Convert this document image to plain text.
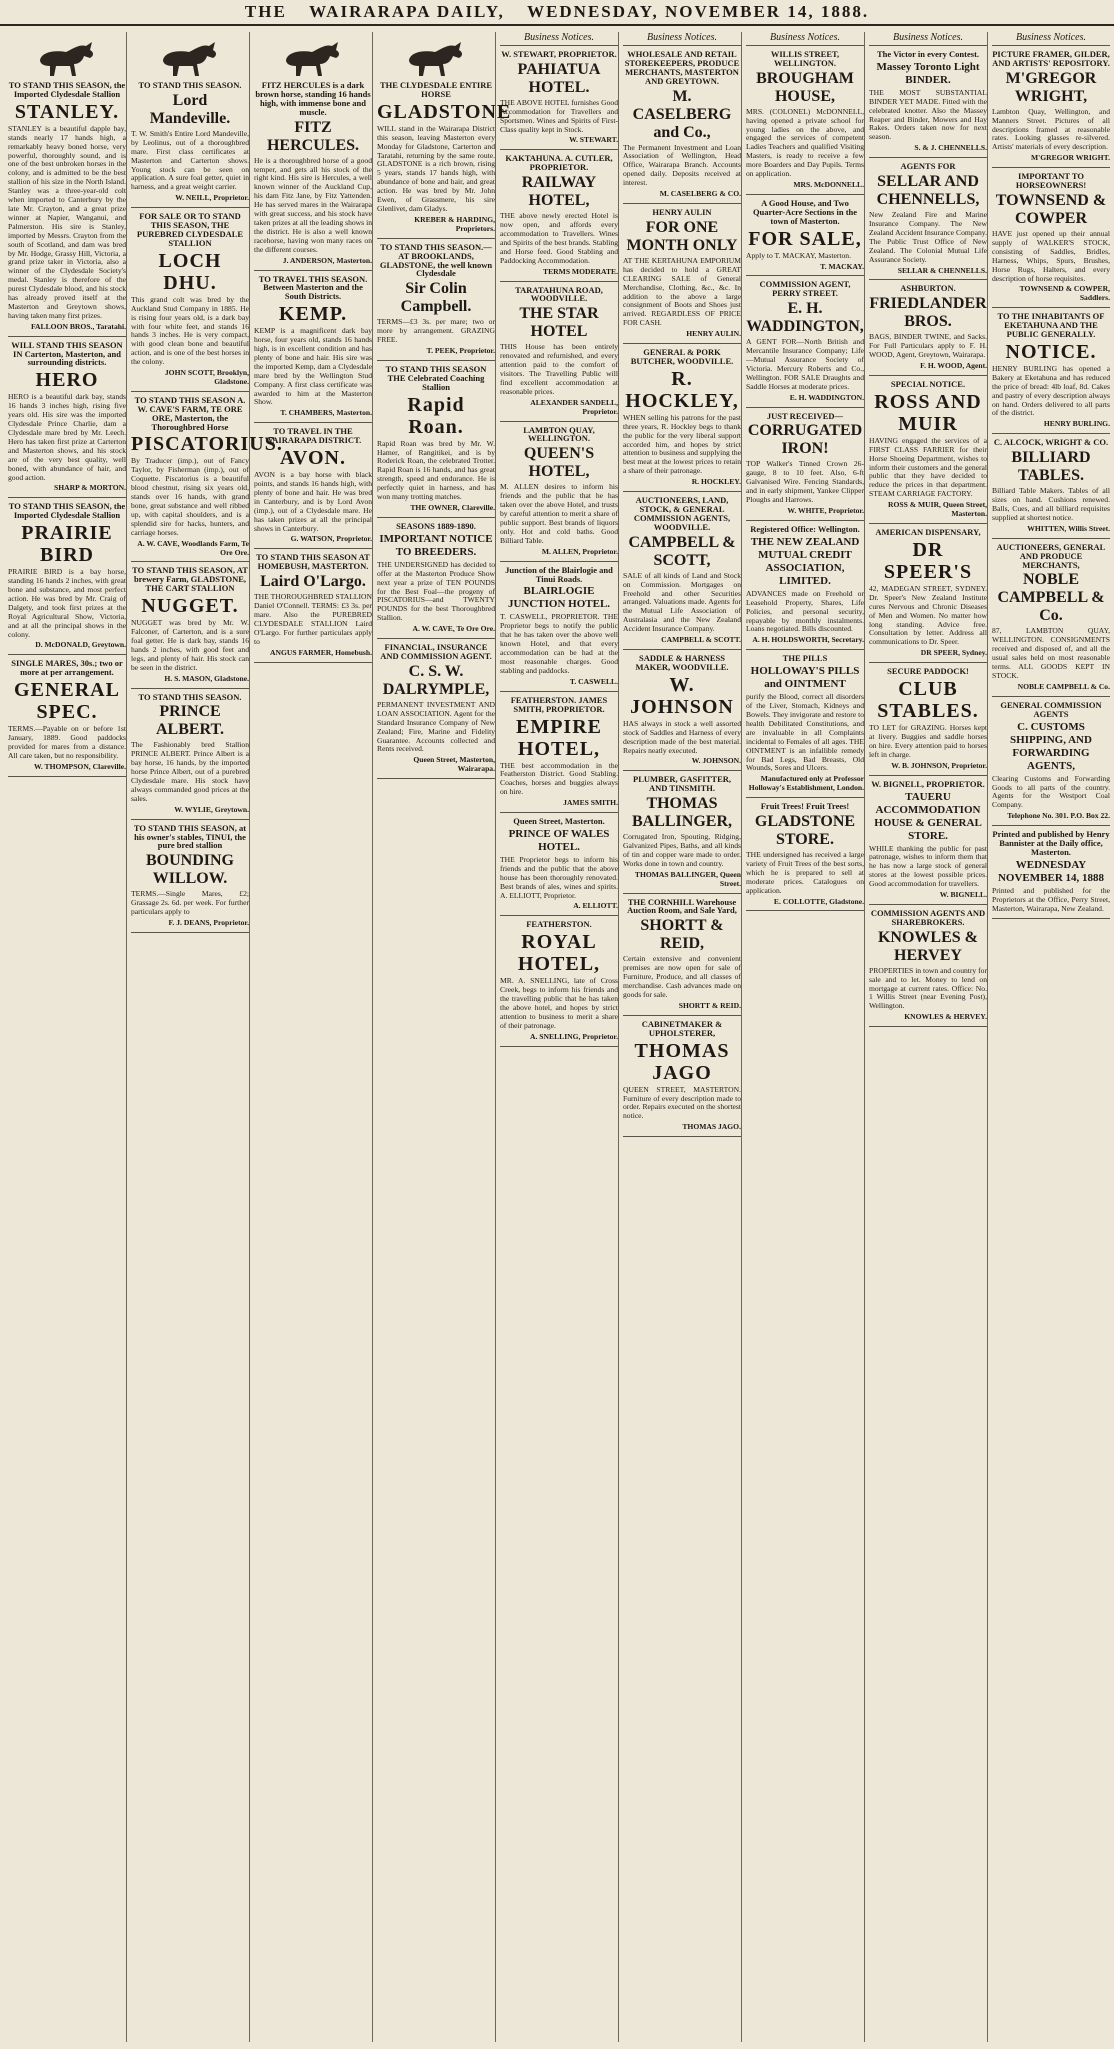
THE WAIRARAPA DAILY, WEDNESDAY, NOVEMBER 14, 1888.
TO STAND THIS SEASON, the Imported Clydesdale Stallion
STANLEY.

STANLEY is a beautiful dapple bay, stands nearly 17 hands high, a remarkably heavy boned horse, very powerful, thoroughly sound, and is one of the best unbroken horses in the colony, and is admitted to be the best stallion of his size in the North Island. Stanley was a three-year-old colt when imported to Canterbury by the late Mr. Crayton, and a great prize winner at Napier, Wanganui, and Palmerston. His sire is Stanley, imported by Messrs. Crayton from the south of Scotland, and dam was bred by Mr. Hodge, Grassy Hill, Victoria, a grand prize taker in Victoria, also a winner of the Clydesdale Society's medal. Stanley is therefore of the purest Clydesdale blood, and his stock has already proved itself at the Masterton and Greytown shows, having taken many first prizes.

FALLOON BROS., Taratahi.
WILL STAND THIS SEASON IN Carterton, Masterton, and surrounding districts.
HERO

HERO is a beautiful dark bay, stands 16 hands 3 inches high, rising five years old. His sire was the imported Clydesdale Prince Charlie, dam a Clydesdale mare bred by Mr. Leech. Hero has taken first prize at Carterton and Masterton shows, and his stock are of the very best quality, well boned, with abundance of hair, and good action.

SHARP & MORTON.
TO STAND THIS SEASON, the Imported Clydesdale Stallion
PRAIRIE BIRD

PRAIRIE BIRD is a bay horse, standing 16 hands 2 inches, with great bone and substance, and most perfect action. He was bred by Mr. Craig of Dalgety, and took first prizes at the Royal Agricultural Show, Victoria, and at all the principal shows in the colony.

D. McDONALD, Greytown.
SINGLE MARES, 30s.; two or more at per arrangement.
GENERAL SPEC.

TERMS.—Payable on or before 1st January, 1889. Good paddocks provided for mares from a distance. All care taken, but no responsibility.

W. THOMPSON, Clareville.
TO STAND THIS SEASON.
Lord Mandeville.

T. W. Smith's Entire Lord Mandeville, by Leolinus, out of a thoroughbred mare. First class certificates at Masterton and Carterton shows. Young stock can be seen on application. A sure foal getter, quiet in harness, and a great weight carrier.

W. NEILL, Proprietor.
FOR SALE OR TO STAND THIS SEASON, THE PUREBRED CLYDESDALE STALLION
LOCH DHU.

This grand colt was bred by the Auckland Stud Company in 1885. He is rising four years old, is a dark bay with four white feet, and stands 16 hands 3 inches. He is very compact, with good clean bone and beautiful action, and is one of the best horses in the colony.

JOHN SCOTT, Brooklyn, Gladstone.
TO STAND THIS SEASON A. W. CAVE'S FARM, TE ORE ORE, Masterton, the Thoroughbred Horse
PISCATORIUS.

By Traducer (imp.), out of Fancy Taylor, by Fisherman (imp.), out of Coquette. Piscatorius is a beautiful blood chestnut, rising six years old, stands over 16 hands, with grand bone, great substance and well ribbed up, with capital shoulders, and is a splendid sire for hacks, hunters, and carriage horses.

A. W. CAVE, Woodlands Farm, Te Ore Ore.
TO STAND THIS SEASON, AT brewery Farm, GLADSTONE, THE CART STALLION
NUGGET.

NUGGET was bred by Mr. W. Falconer, of Carterton, and is a sure foal getter. He is dark bay, stands 16 hands 2 inches, with good feet and legs, and plenty of hair. His stock can be seen in the district.

H. S. MASON, Gladstone.
TO STAND THIS SEASON.
PRINCE ALBERT.

The Fashionably bred Stallion PRINCE ALBERT. Prince Albert is a bay horse, 16 hands, by the imported horse Prince Albert, out of a purebred Clydesdale mare. His stock have always commanded good prices at the sales.

W. WYLIE, Greytown.
TO STAND THIS SEASON, at his owner's stables, TINUI, the pure bred stallion
BOUNDING WILLOW.

TERMS.—Single Mares, £2; Grassage 2s. 6d. per week. For further particulars apply to

F. J. DEANS, Proprietor.
FITZ HERCULES is a dark brown horse, standing 16 hands high, with immense bone and muscle.
FITZ HERCULES.

He is a thoroughbred horse of a good temper, and gets all his stock of the right kind. His sire is Hercules, a well known winner of the Auckland Cup, his dam Fitz Jane, by Fitz Yattenden. He has served mares in the Wairarapa with great success, and his stock have taken prizes at all the leading shows in the district. He is also a well known racehorse, having won many races on the different courses.

J. ANDERSON, Masterton.
TO TRAVEL THIS SEASON. Between Masterton and the South Districts.
KEMP.

KEMP is a magnificent dark bay horse, four years old, stands 16 hands high, is in excellent condition and has plenty of bone and hair. His sire was the imported Kemp, dam a Clydesdale mare bred by the Wellington Stud Company. A first class certificate was awarded to him at the Masterton Show.

T. CHAMBERS, Masterton.
TO TRAVEL IN THE WAIRARAPA DISTRICT.
AVON.

AVON is a bay horse with black points, and stands 16 hands high, with plenty of bone and hair. He was bred in Canterbury, and is by Lord Avon (imp.), out of a Clydesdale mare. He has taken prizes at all the principal shows in Canterbury.

G. WATSON, Proprietor.
TO STAND THIS SEASON AT HOMEBUSH, MASTERTON.
Laird O'Largo.

THE THOROUGHBRED STALLION Daniel O'Connell. TERMS: £3 3s. per mare. Also the PUREBRED CLYDESDALE STALLION Laird O'Largo. For further particulars apply to

ANGUS FARMER, Homebush.
THE CLYDESDALE ENTIRE HORSE
GLADSTONE

WILL stand in the Wairarapa District this season, leaving Masterton every Monday for Gladstone, Carterton and Taratahi, returning by the same route. GLADSTONE is a rich brown, rising 5 years, stands 17 hands high, with abundance of bone and hair, and great action. He was bred by Mr. John Ewen, of Grassmere, his sire Glenlivet, dam Gladys.

KREBER & HARDING, Proprietors.
TO STAND THIS SEASON.—AT BROOKLANDS, GLADSTONE, the well known Clydesdale
Sir Colin Campbell.

TERMS—£3 3s. per mare; two or more by arrangement. GRAZING FREE.

T. PEEK, Proprietor.
TO STAND THIS SEASON THE Celebrated Coaching Stallion
Rapid Roan.

Rapid Roan was bred by Mr. W. Hamer, of Rangitikei, and is by Roderick Roan, the celebrated Trotter. Rapid Roan is 16 hands, and has great strength, speed and endurance. He is perfectly quiet in harness, and has won many trotting matches.

THE OWNER, Clareville.
SEASONS 1889-1890.
IMPORTANT NOTICE TO BREEDERS.

THE UNDERSIGNED has decided to offer at the Masterton Produce Show next year a prize of TEN POUNDS for the Best Foal—the progeny of PISCATORIUS—and TWENTY POUNDS for the best Thoroughbred Stallion.

A. W. CAVE, Te Ore Ore.
FINANCIAL, INSURANCE AND COMMISSION AGENT.
C. S. W. DALRYMPLE,

PERMANENT INVESTMENT AND LOAN ASSOCIATION. Agent for the Standard Insurance Company of New Zealand; Fire, Marine and Fidelity Guarantee. Accounts collected and Rents received.

Queen Street, Masterton, Wairarapa.
Business Notices.
W. STEWART, PROPRIETOR.
PAHIATUA HOTEL.

THE ABOVE HOTEL furnishes Good Accommodation for Travellers and Sportsmen. Wines and Spirits of First-Class quality kept in Stock.

W. STEWART.
KAKTAHUNA. A. CUTLER, PROPRIETOR.
RAILWAY HOTEL,

THE above newly erected Hotel is now open, and affords every accommodation to Travellers. Wines and Spirits of the best brands. Stabling and Horse feed. Good Stabling and Paddocking Accommodation.

TERMS MODERATE.
TARATAHUNA ROAD, WOODVILLE.
THE STAR HOTEL

THIS House has been entirely renovated and refurnished, and every attention paid to the comfort of visitors. The Travelling Public will find excellent accommodation at reasonable prices.

ALEXANDER SANDELL, Proprietor.
LAMBTON QUAY, WELLINGTON.
QUEEN'S HOTEL,

M. ALLEN desires to inform his friends and the public that he has taken over the above Hotel, and trusts by careful attention to merit a share of public support. Best brands of liquors only. Hot and cold baths. Good Billiard Table.

M. ALLEN, Proprietor.
Junction of the Blairlogie and Tinui Roads.
BLAIRLOGIE JUNCTION HOTEL.

T. CASWELL, PROPRIETOR. THE Proprietor begs to notify the public that he has taken over the above well known Hotel, and that every accommodation can be had at the most reasonable charges. Good stabling and paddocks.

T. CASWELL.
FEATHERSTON. JAMES SMITH, PROPRIETOR.
EMPIRE HOTEL,

THE best accommodation in the Featherston District. Good Stabling. Coaches, horses and buggies always on hire.

JAMES SMITH.
Queen Street, Masterton.
PRINCE OF WALES HOTEL.

THE Proprietor begs to inform his friends and the public that the above house has been thoroughly renovated. Best brands of ales, wines and spirits. A. ELLIOTT, Proprietor.

A. ELLIOTT.
FEATHERSTON.
ROYAL HOTEL,

MR. A. SNELLING, late of Cross Creek, begs to inform his friends and the travelling public that he has taken the above hotel, and hopes by strict attention to business to merit a share of their patronage.

A. SNELLING, Proprietor.
Business Notices.
WHOLESALE AND RETAIL STOREKEEPERS, PRODUCE MERCHANTS, MASTERTON AND GREYTOWN.
M. CASELBERG and Co.,

The Permanent Investment and Loan Association of Wellington, Head Office, Wairarapa Branch. Accounts opened daily. Deposits received at interest.

M. CASELBERG & CO.
HENRY AULIN
FOR ONE MONTH ONLY

AT THE KERTAHUNA EMPORIUM has decided to hold a GREAT CLEARING SALE of General Merchandise, Clothing, &c., &c. In addition to the above a large consignment of Boots and Shoes just arrived. REGARDLESS OF PRICE FOR CASH.

HENRY AULIN.
GENERAL & PORK BUTCHER, WOODVILLE.
R. HOCKLEY,

WHEN selling his patrons for the past three years, R. Hockley begs to thank the public for the very liberal support accorded him, and hopes by strict attention to business and supplying the best meat at the lowest prices to retain a share of their patronage.

R. HOCKLEY.
AUCTIONEERS, LAND, STOCK, & GENERAL COMMISSION AGENTS, WOODVILLE.
CAMPBELL & SCOTT,

SALE of all kinds of Land and Stock on Commission. Mortgages on Freehold and other Securities arranged. Valuations made. Agents for the Mutual Life Association of Australasia and the New Zealand Accident Insurance Company.

CAMPBELL & SCOTT.
SADDLE & HARNESS MAKER, WOODVILLE.
W. JOHNSON

HAS always in stock a well assorted stock of Saddles and Harness of every description made of the best material. Repairs neatly executed.

W. JOHNSON.
PLUMBER, GASFITTER, AND TINSMITH.
THOMAS BALLINGER,

Corrugated Iron, Spouting, Ridging, Galvanized Pipes, Baths, and all kinds of tin and copper ware made to order. Works done in town and country.

THOMAS BALLINGER, Queen Street.
THE CORNHILL Warehouse Auction Room, and Sale Yard,
SHORTT & REID,

Certain extensive and convenient premises are now open for sale of Furniture, Produce, and all classes of merchandise. Cash advances made on goods for sale.

SHORTT & REID.
CABINETMAKER & UPHOLSTERER,
THOMAS JAGO

QUEEN STREET, MASTERTON. Furniture of every description made to order. Repairs executed on the shortest notice.

THOMAS JAGO.
Business Notices.
WILLIS STREET, WELLINGTON.
BROUGHAM HOUSE,

MRS. (COLONEL) McDONNELL, having opened a private school for young ladies on the above, and engaged the services of competent Ladies Teachers and qualified Visiting Masters, is ready to receive a few more Boarders and Day Pupils. Terms on application.

MRS. McDONNELL.
A Good House, and Two Quarter-Acre Sections in the town of Masterton.
FOR SALE,

Apply to T. MACKAY, Masterton.

T. MACKAY.
COMMISSION AGENT, PERRY STREET.
E. H. WADDINGTON,

A GENT FOR—North British and Mercantile Insurance Company; Life—Mutual Assurance Society of Victoria. Mercury Roberts and Co., Wellington. FOR SALE Draughts and Saddle Horses at moderate prices.

E. H. WADDINGTON.
JUST RECEIVED—
CORRUGATED IRON!

TOP Walker's Tinned Crown 26-gauge, 8 to 10 feet. Also, 6-ft Galvanised Wire. Fencing Standards, and in early shipment, Yankee Clipper Ploughs and Harrows.

W. WHITE, Proprietor.
Registered Office: Wellington.
THE NEW ZEALAND MUTUAL CREDIT ASSOCIATION, LIMITED.

ADVANCES made on Freehold or Leasehold Property, Shares, Life Policies, and personal security, repayable by monthly instalments. Loans negotiated. Bills discounted.

A. H. HOLDSWORTH, Secretary.
THE PILLS
HOLLOWAY'S PILLS and OINTMENT

purify the Blood, correct all disorders of the Liver, Stomach, Kidneys and Bowels. They invigorate and restore to health Debilitated Constitutions, and are invaluable in all Complaints incidental to Females of all ages. THE OINTMENT is an infallible remedy for Bad Legs, Bad Breasts, Old Wounds, Sores and Ulcers.

Manufactured only at Professor Holloway's Establishment, London.
Fruit Trees! Fruit Trees!
GLADSTONE STORE.

THE undersigned has received a large variety of Fruit Trees of the best sorts, which he is prepared to sell at moderate prices. Catalogues on application.

E. COLLOTTE, Gladstone.
Business Notices.
The Victor in every Contest.
Massey Toronto Light BINDER.

THE MOST SUBSTANTIAL BINDER YET MADE. Fitted with the celebrated knotter. Also the Massey Reaper and Binder, Mowers and Hay Rakes. Orders taken now for next season.

S. & J. CHENNELLS.
AGENTS FOR
SELLAR AND CHENNELLS,

New Zealand Fire and Marine Insurance Company. The New Zealand Accident Insurance Company. The Public Trust Office of New Zealand. The Colonial Mutual Life Assurance Society.

SELLAR & CHENNELLS.
ASHBURTON.
FRIEDLANDER BROS.

BAGS, BINDER TWINE, and Sacks. For Full Particulars apply to F. H. WOOD, Agent, Greytown, Wairarapa.

F. H. WOOD, Agent.
SPECIAL NOTICE.
ROSS AND MUIR

HAVING engaged the services of a FIRST CLASS FARRIER for their Horse Shoeing Department, wishes to inform their customers and the general public that they have decided to reduce the prices in that department. STEAM CARRIAGE FACTORY.

ROSS & MUIR, Queen Street, Masterton.
AMERICAN DISPENSARY,
DR SPEER'S

42, MADEGAN STREET, SYDNEY. Dr. Speer's New Zealand Institute cures Nervous and Chronic Diseases of Men and Women. No matter how long standing. Advice free. Consultation by letter. Address all communications to Dr. Speer.

DR SPEER, Sydney.
SECURE PADDOCK!
CLUB STABLES.

TO LET for GRAZING. Horses kept at livery. Buggies and saddle horses on hire. Every attention paid to horses left in charge.

W. B. JOHNSON, Proprietor.
W. BIGNELL, PROPRIETOR.
TAUERU ACCOMMODATION HOUSE & GENERAL STORE.

WHILE thanking the public for past patronage, wishes to inform them that he has now a large stock of general stores at the lowest possible prices. Good accommodation for travellers.

W. BIGNELL.
COMMISSION AGENTS AND SHAREBROKERS.
KNOWLES & HERVEY

PROPERTIES in town and country for sale and to let. Money to lend on mortgage at current rates. Office: No. 1 Willis Street (near Evening Post), Wellington.

KNOWLES & HERVEY.
Business Notices.
PICTURE FRAMER, GILDER, AND ARTISTS' REPOSITORY.
M'GREGOR WRIGHT,

Lambton Quay, Wellington, and Manners Street. Pictures of all descriptions framed at reasonable rates. Looking glasses re-silvered. Artists' materials of every description.

M'GREGOR WRIGHT.
IMPORTANT TO HORSEOWNERS!
TOWNSEND & COWPER

HAVE just opened up their annual supply of WALKER'S STOCK, consisting of Saddles, Bridles, Harness, Whips, Spurs, Brushes, Horse Rugs, Halters, and every description of horse requisites.

TOWNSEND & COWPER, Saddlers.
TO THE INHABITANTS OF EKETAHUNA AND THE PUBLIC GENERALLY.
NOTICE.

HENRY BURLING has opened a Bakery at Eketahuna and has reduced the price of bread: 4lb loaf, 8d. Cakes and pastry of every description always on hand. Orders delivered to all parts of the district.

HENRY BURLING.
C. ALCOCK, WRIGHT & CO.
BILLIARD TABLES.

Billiard Table Makers. Tables of all sizes on hand. Cushions renewed. Balls, Cues, and all billiard requisites supplied at shortest notice.

WHITTEN, Willis Street.
AUCTIONEERS, GENERAL AND PRODUCE MERCHANTS,
NOBLE CAMPBELL & Co.

87, LAMBTON QUAY, WELLINGTON. CONSIGNMENTS received and disposed of, and all the usual sales held on most reasonable terms. ALL GOODS KEPT IN STOCK.

NOBLE CAMPBELL & Co.
GENERAL COMMISSION AGENTS
C. CUSTOMS SHIPPING, AND FORWARDING AGENTS,

Clearing Customs and Forwarding Goods to all parts of the country. Agents for the Westport Coal Company.

Telephone No. 301. P.O. Box 22.
Printed and published by Henry Bannister at the Daily office, Masterton.
WEDNESDAY NOVEMBER 14, 1888

Printed and published for the Proprietors at the Office, Perry Street, Masterton, Wairarapa, New Zealand.
